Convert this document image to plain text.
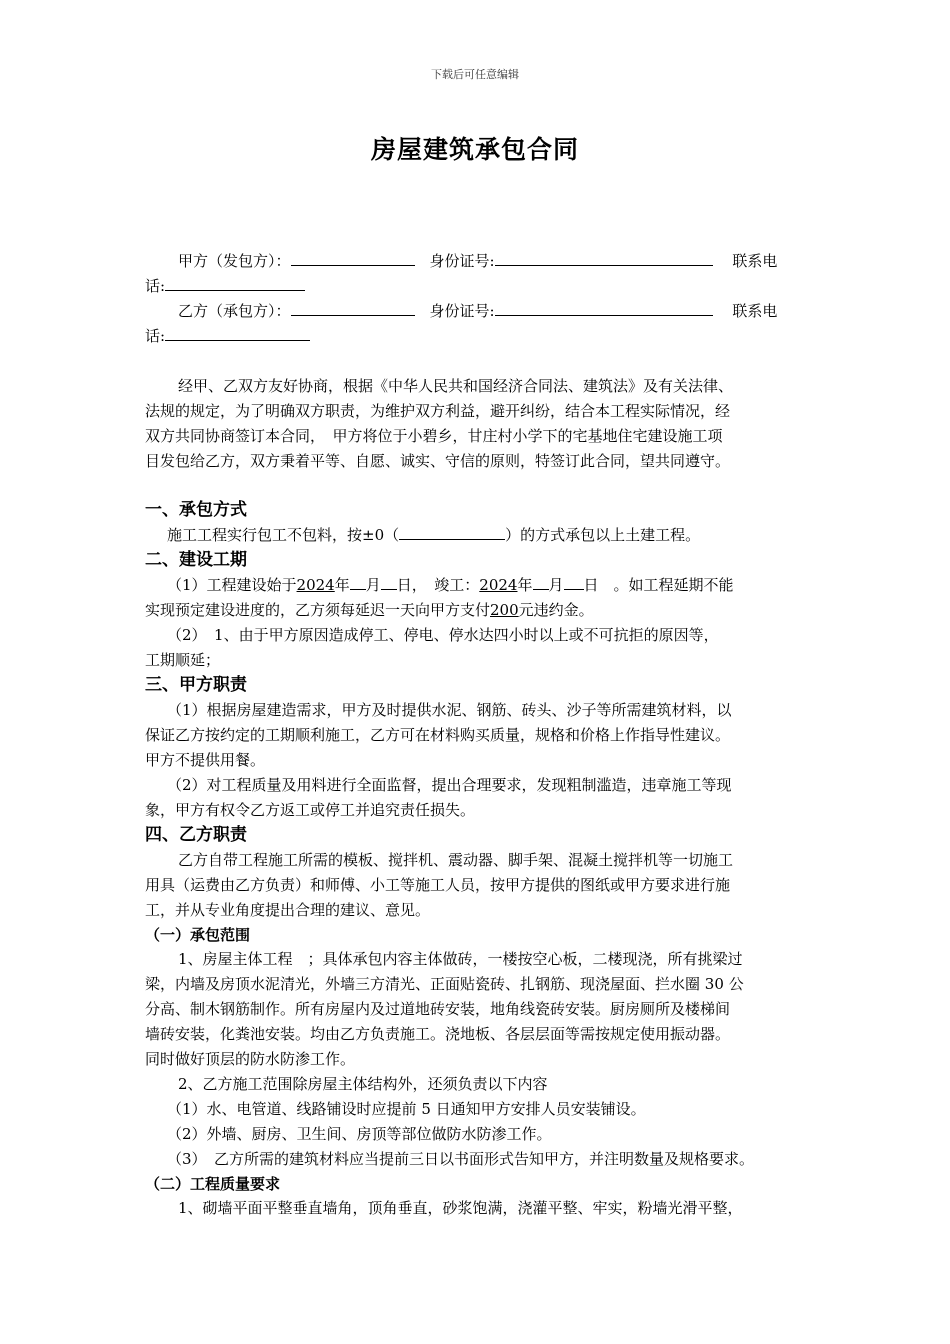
下载后可任意编辑
房屋建筑承包合同

甲方（发包方）：　	身份证号:　	联系电

话:

乙方（承包方）：　	身份证号:　	联系电

话:

经甲、乙双方友好协商，根据《中华人民共和国经济合同法、建筑法》及有关法律、

法规的规定，为了明确双方职责，为维护双方利益，避开纠纷，结合本工程实际情况，经

双方共同协商签订本合同，　甲方将位于小碧乡，甘庄村小学下的宅基地住宅建设施工项

目发包给乙方，双方秉着平等、自愿、诚实、守信的原则，特签订此合同，望共同遵守。

一、承包方式

施工工程实行包工不包料，按±0（	）的方式承包以上土建工程。

二、建设工期

（1）工程建设始于2024年 月 日，　竣工：2024年 月 日　。如工程延期不能

实现预定建设进度的，乙方须每延迟一天向甲方支付200元违约金。

（2）　1、由于甲方原因造成停工、停电、停水达四小时以上或不可抗拒的原因等，

工期顺延；

三、甲方职责

（1）根据房屋建造需求，甲方及时提供水泥、钢筋、砖头、沙子等所需建筑材料，以

保证乙方按约定的工期顺利施工，乙方可在材料购买质量，规格和价格上作指导性建议。

甲方不提供用餐。

（2）对工程质量及用料进行全面监督，提出合理要求，发现粗制滥造，违章施工等现

象，甲方有权令乙方返工或停工并追究责任损失。

四、乙方职责

乙方自带工程施工所需的模板、搅拌机、震动器、脚手架、混凝土搅拌机等一切施工

用具（运费由乙方负责）和师傅、小工等施工人员，按甲方提供的图纸或甲方要求进行施

工，并从专业角度提出合理的建议、意见。

（一）承包范围

1、房屋主体工程　；具体承包内容主体做砖，一楼按空心板，二楼现浇，所有挑梁过

梁，内墙及房顶水泥清光，外墙三方清光、正面贴瓷砖、扎钢筋、现浇屋面、拦水圈 30 公

分高、制木钢筋制作。所有房屋内及过道地砖安装，地角线瓷砖安装。厨房厕所及楼梯间

墙砖安装，化粪池安装。均由乙方负责施工。浇地板、各层层面等需按规定使用振动器。

同时做好顶层的防水防渗工作。

2、乙方施工范围除房屋主体结构外，还须负责以下内容

（1）水、电管道、线路铺设时应提前 5 日通知甲方安排人员安装铺设。

（2）外墙、厨房、卫生间、房顶等部位做防水防渗工作。

（3）　乙方所需的建筑材料应当提前三日以书面形式告知甲方，并注明数量及规格要求。

（二）工程质量要求

1、砌墙平面平整垂直墙角，顶角垂直，砂浆饱满，浇灌平整、牢实，粉墙光滑平整，
